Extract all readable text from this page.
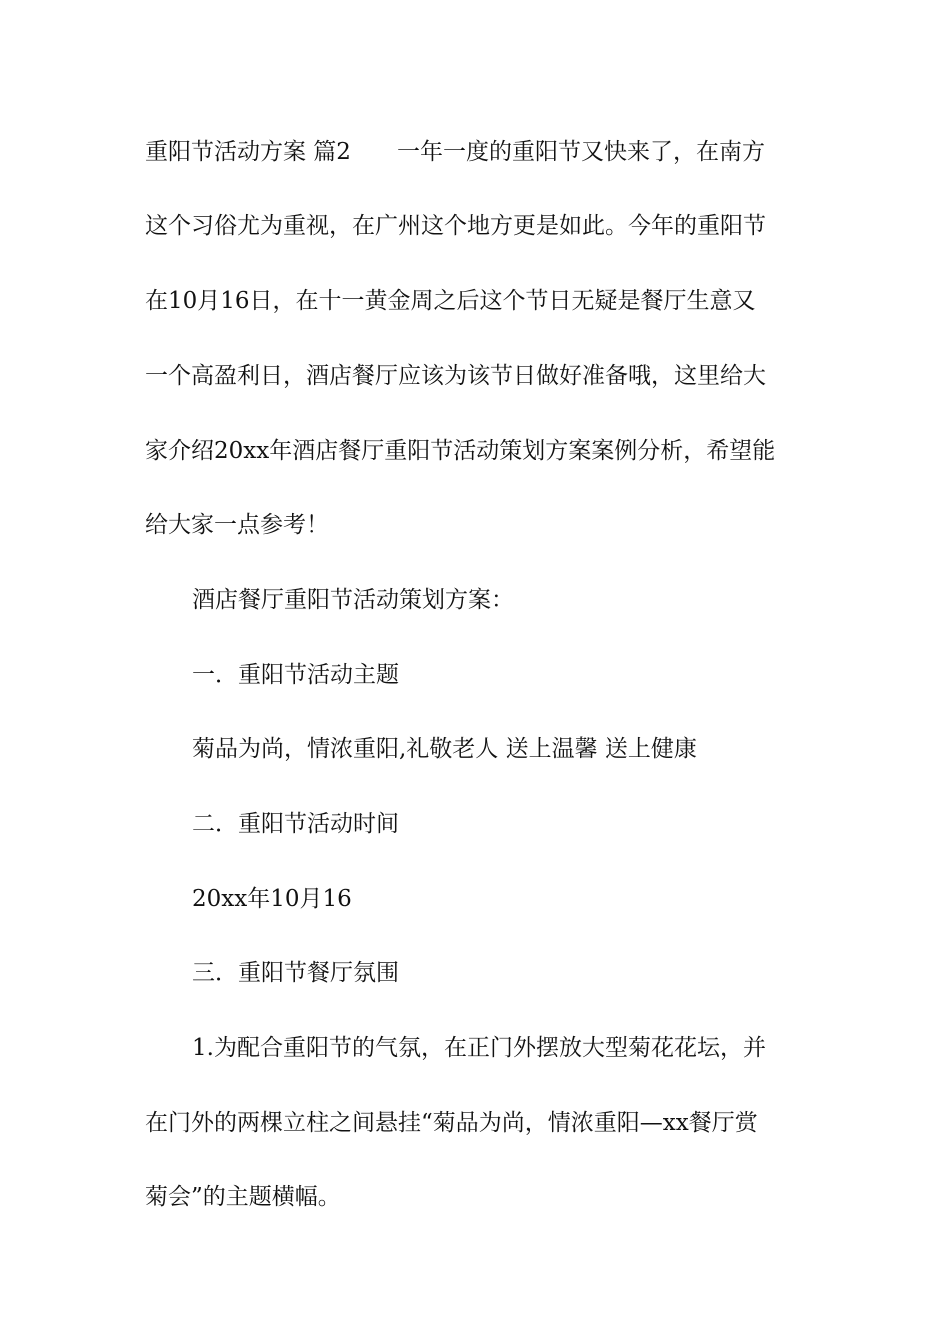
重阳节活动方案 篇2　　一年一度的重阳节又快来了，在南方
这个习俗尤为重视，在广州这个地方更是如此。今年的重阳节
在10月16日，在十一黄金周之后这个节日无疑是餐厅生意又
一个高盈利日，酒店餐厅应该为该节日做好准备哦，这里给大
家介绍20xx年酒店餐厅重阳节活动策划方案案例分析，希望能
给大家一点参考！
酒店餐厅重阳节活动策划方案：
一．重阳节活动主题
菊品为尚，情浓重阳,礼敬老人 送上温馨 送上健康
二．重阳节活动时间
20xx年10月16
三．重阳节餐厅氛围
1.为配合重阳节的气氛，在正门外摆放大型菊花花坛，并
在门外的两棵立柱之间悬挂“菊品为尚，情浓重阳—xx餐厅赏
菊会”的主题横幅。
